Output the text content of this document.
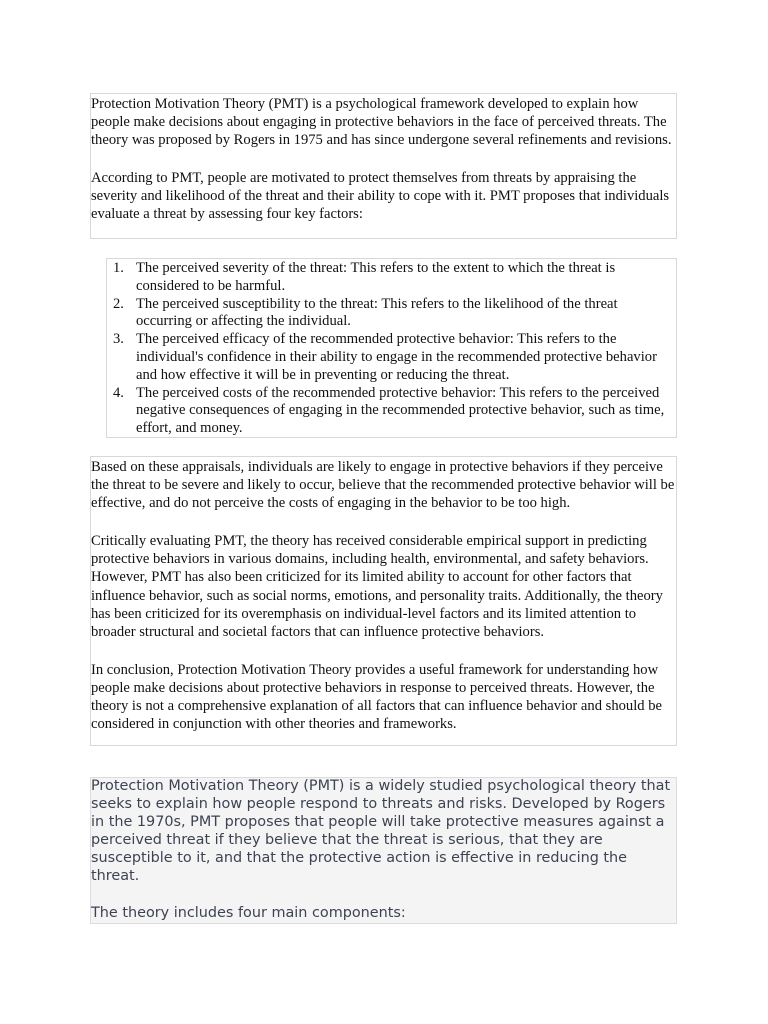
Protection Motivation Theory (PMT) is a psychological framework developed to explain how people make decisions about engaging in protective behaviors in the face of perceived threats. The theory was proposed by Rogers in 1975 and has since undergone several refinements and revisions.

According to PMT, people are motivated to protect themselves from threats by appraising the severity and likelihood of the threat and their ability to cope with it. PMT proposes that individuals evaluate a threat by assessing four key factors:

1. The perceived severity of the threat: This refers to the extent to which the threat is considered to be harmful.
2. The perceived susceptibility to the threat: This refers to the likelihood of the threat occurring or affecting the individual.
3. The perceived efficacy of the recommended protective behavior: This refers to the individual's confidence in their ability to engage in the recommended protective behavior and how effective it will be in preventing or reducing the threat.
4. The perceived costs of the recommended protective behavior: This refers to the perceived negative consequences of engaging in the recommended protective behavior, such as time, effort, and money.

Based on these appraisals, individuals are likely to engage in protective behaviors if they perceive the threat to be severe and likely to occur, believe that the recommended protective behavior will be effective, and do not perceive the costs of engaging in the behavior to be too high.

Critically evaluating PMT, the theory has received considerable empirical support in predicting protective behaviors in various domains, including health, environmental, and safety behaviors. However, PMT has also been criticized for its limited ability to account for other factors that influence behavior, such as social norms, emotions, and personality traits. Additionally, the theory has been criticized for its overemphasis on individual-level factors and its limited attention to broader structural and societal factors that can influence protective behaviors.

In conclusion, Protection Motivation Theory provides a useful framework for understanding how people make decisions about protective behaviors in response to perceived threats. However, the theory is not a comprehensive explanation of all factors that can influence behavior and should be considered in conjunction with other theories and frameworks.

Protection Motivation Theory (PMT) is a widely studied psychological theory that seeks to explain how people respond to threats and risks. Developed by Rogers in the 1970s, PMT proposes that people will take protective measures against a perceived threat if they believe that the threat is serious, that they are susceptible to it, and that the protective action is effective in reducing the threat.

The theory includes four main components:
